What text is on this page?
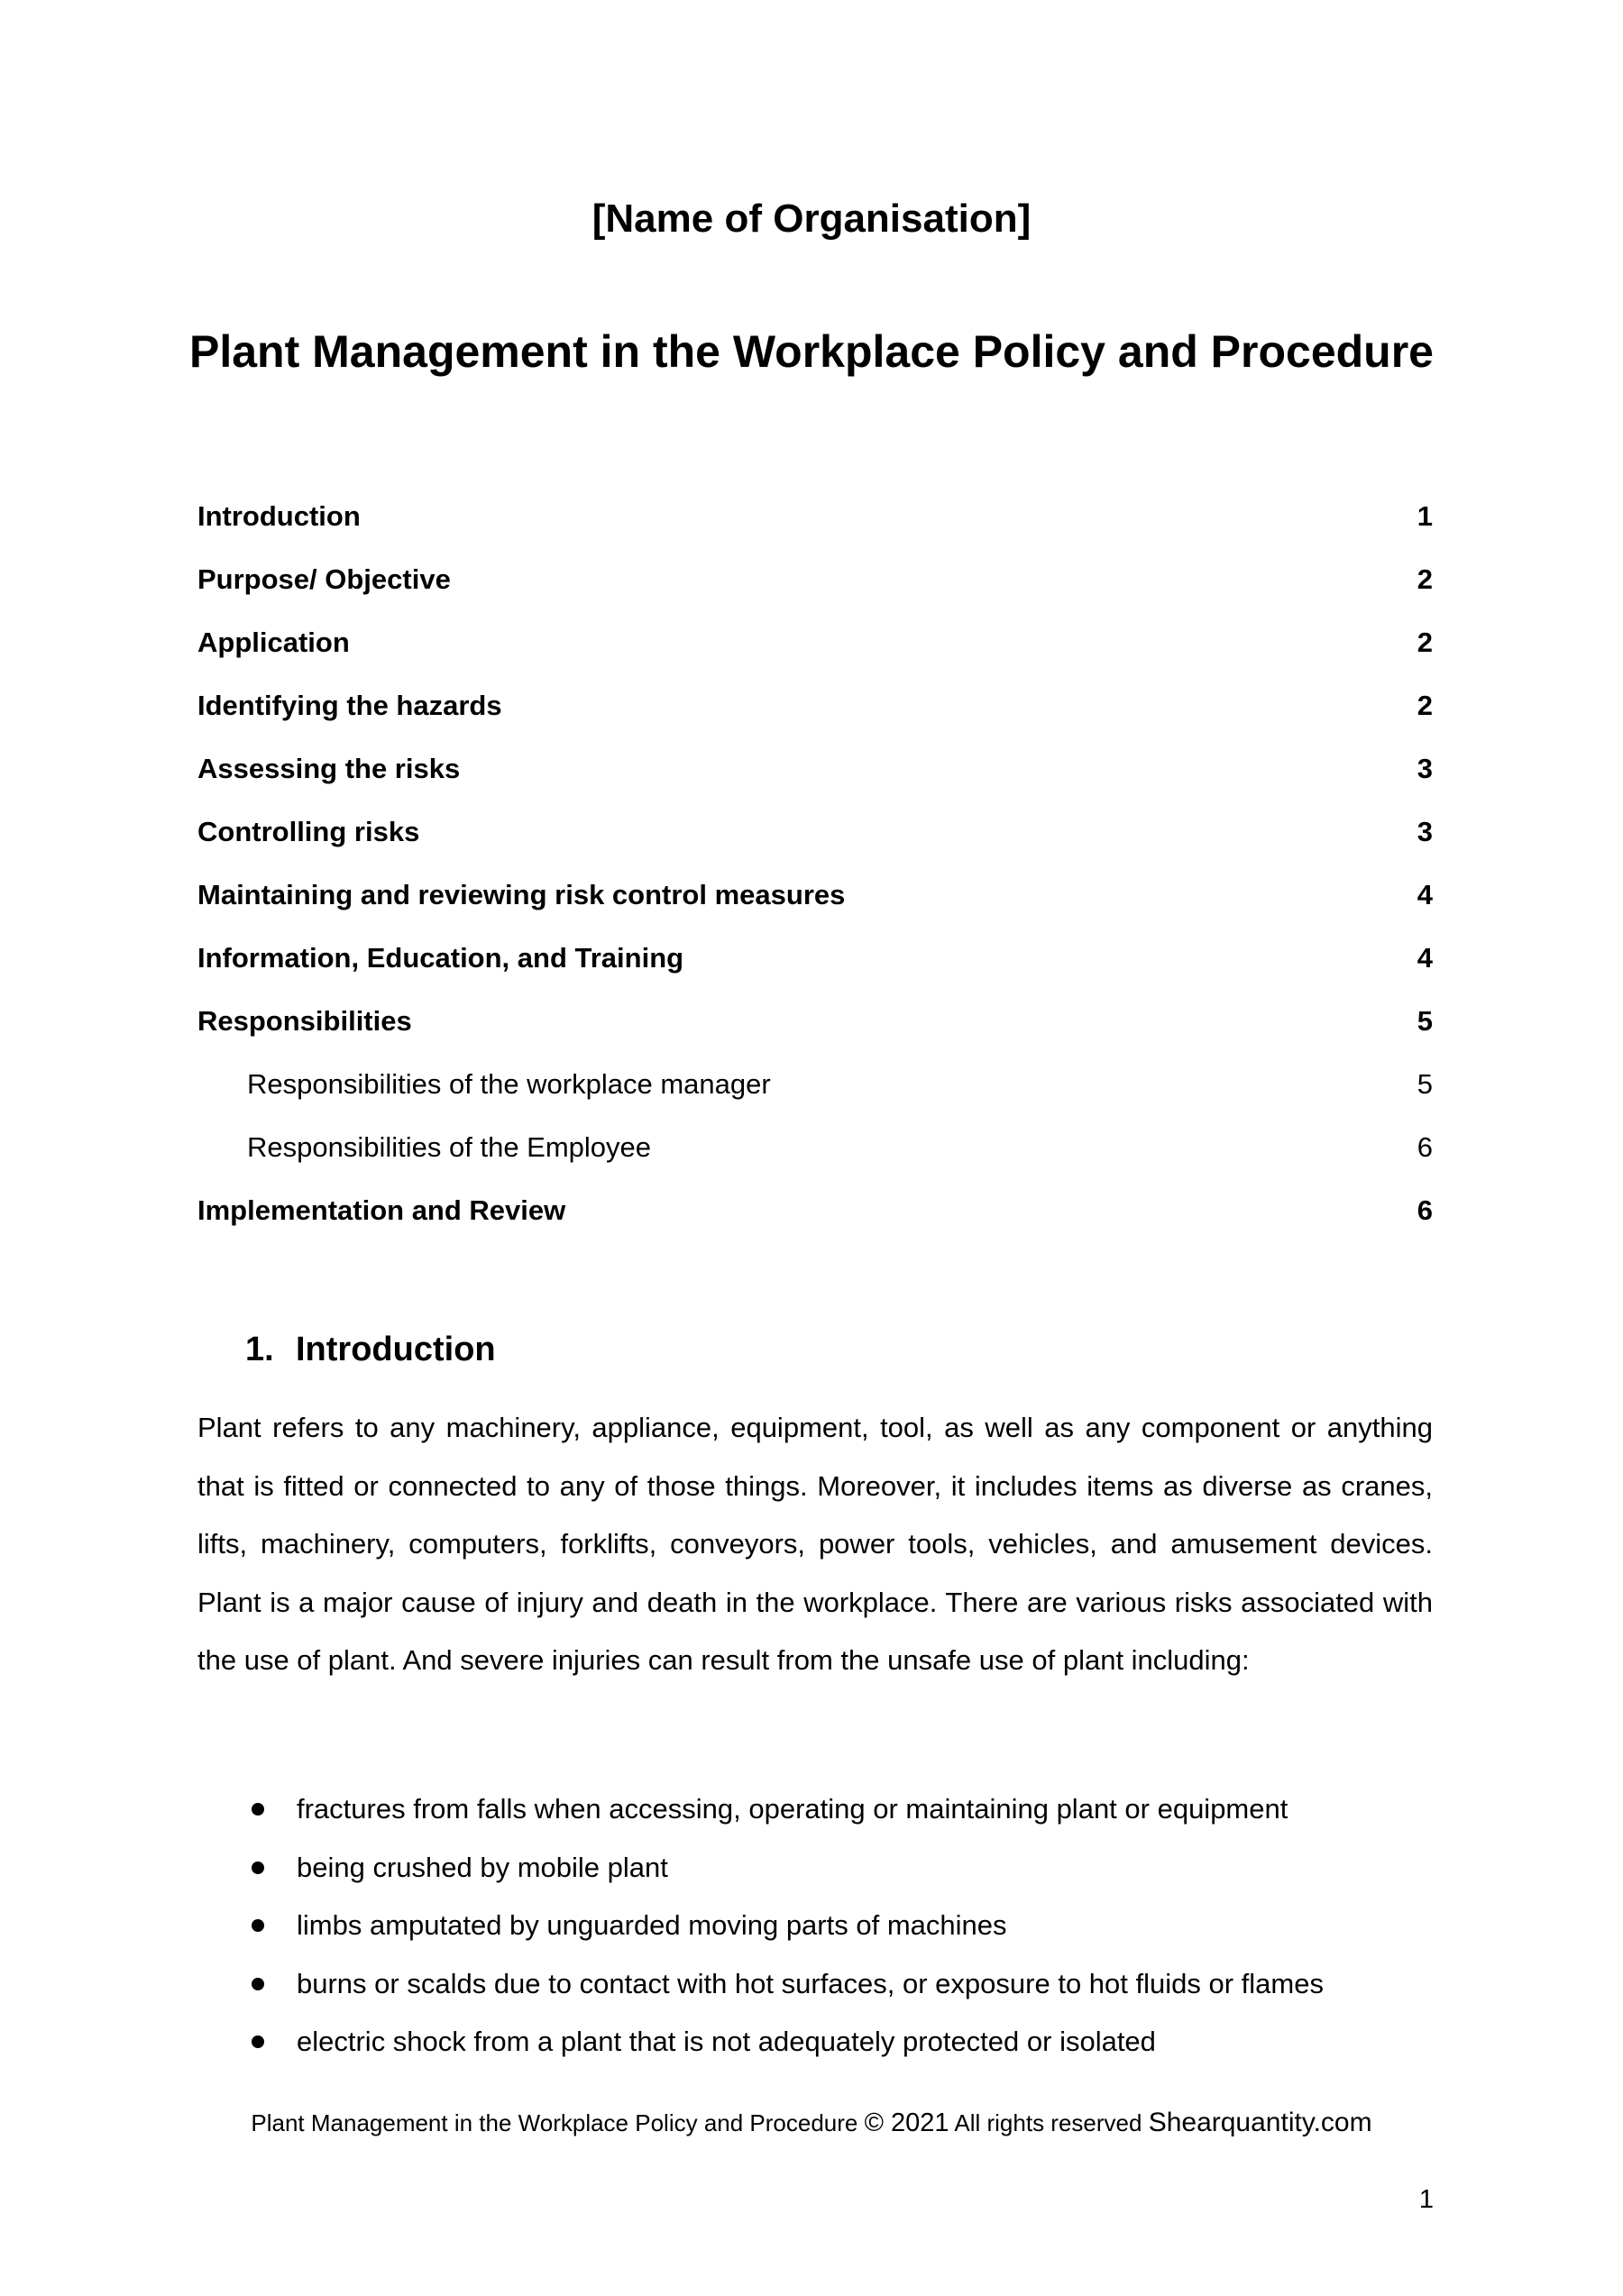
[Name of Organisation]
Plant Management in the Workplace Policy and Procedure
Introduction	1
Purpose/ Objective	2
Application	2
Identifying the hazards	2
Assessing the risks	3
Controlling risks	3
Maintaining and reviewing risk control measures	4
Information, Education, and Training	4
Responsibilities	5
Responsibilities of the workplace manager	5
Responsibilities of the Employee	6
Implementation and Review	6
1. Introduction

Plant refers to any machinery, appliance, equipment, tool, as well as any component or anything that is fitted or connected to any of those things. Moreover, it includes items as diverse as cranes, lifts, machinery, computers, forklifts, conveyors, power tools, vehicles, and amusement devices. Plant is a major cause of injury and death in the workplace. There are various risks associated with the use of plant. And severe injuries can result from the unsafe use of plant including:

fractures from falls when accessing, operating or maintaining plant or equipment
being crushed by mobile plant
limbs amputated by unguarded moving parts of machines
burns or scalds due to contact with hot surfaces, or exposure to hot fluids or flames
electric shock from a plant that is not adequately protected or isolated
Plant Management in the Workplace Policy and Procedure © 2021 All rights reserved Shearquantity.com
1
